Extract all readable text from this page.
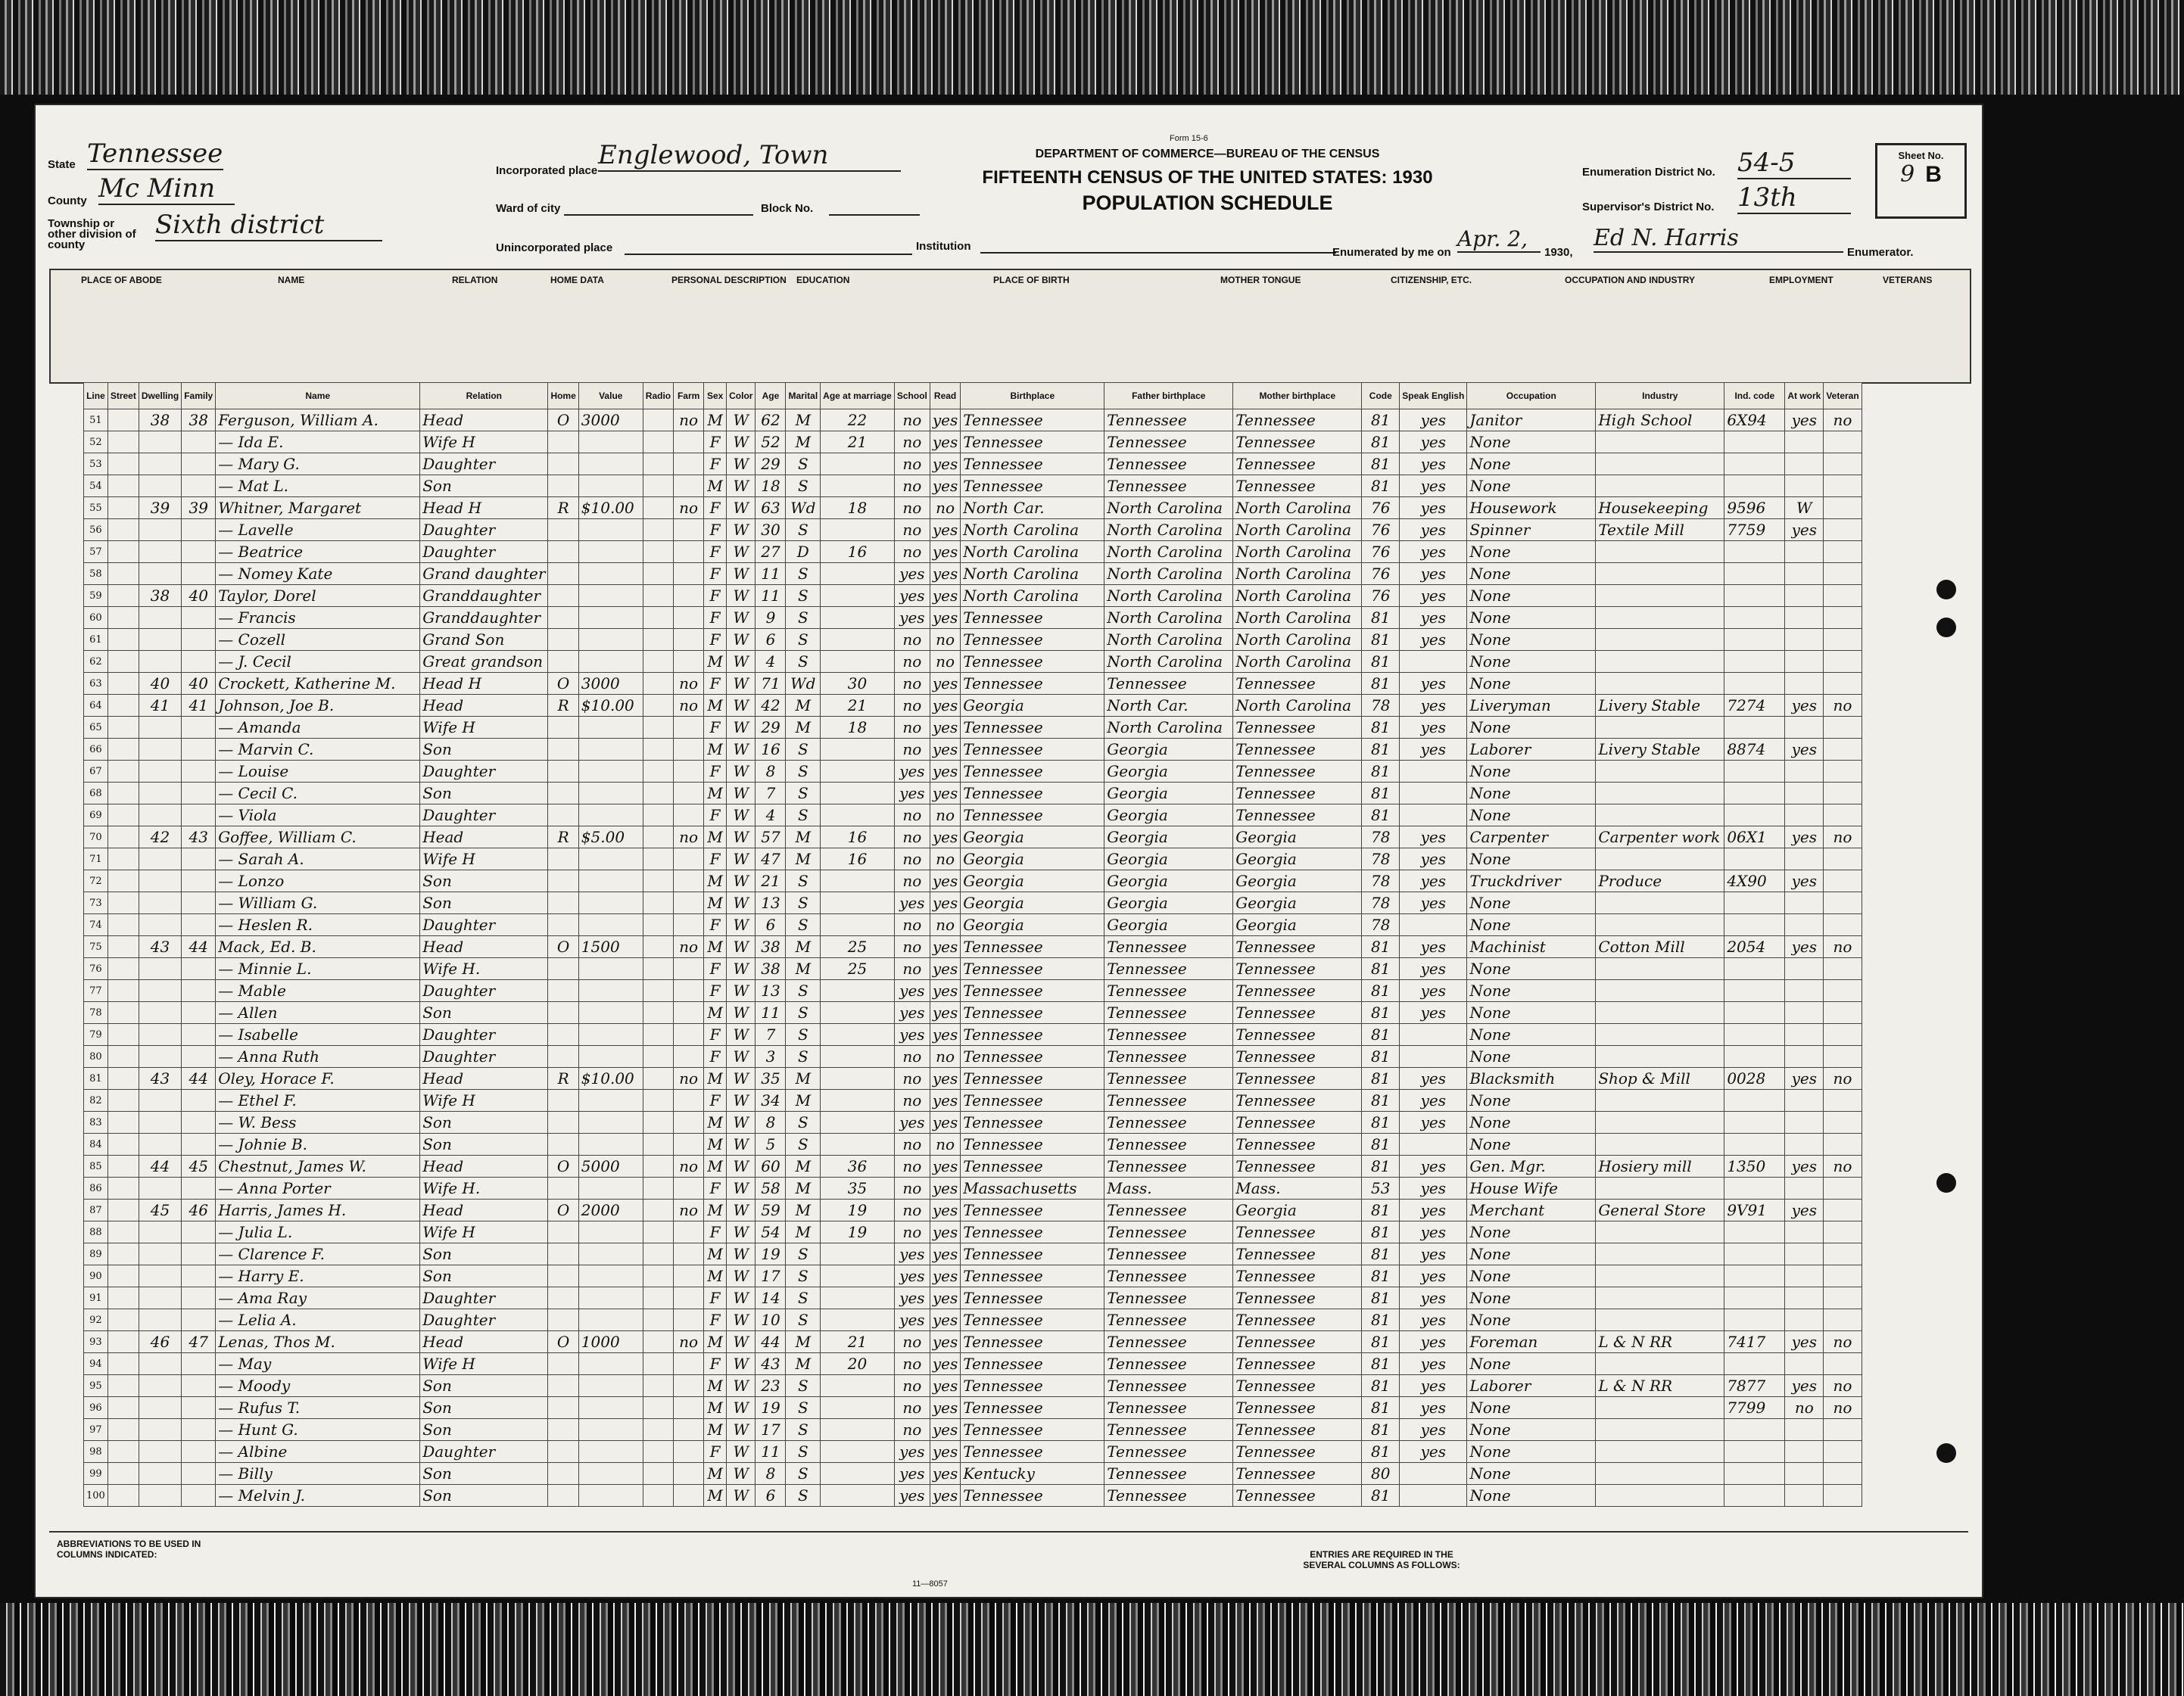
State Tennessee
County Mc Minn
Township or other division of county
Sixth district
Incorporated place
Englewood, Town
Ward of city	Block No.
Unincorporated place
Form 15-6
DEPARTMENT OF COMMERCE—BUREAU OF THE CENSUS
FIFTEENTH CENSUS OF THE UNITED STATES: 1930
POPULATION SCHEDULE
Institution
Enumeration District No. 54-5
Supervisor's District No. 13th
Sheet No.
9 B
Enumerated by me on
Apr. 2,
1930,
Ed N. Harris
Enumerator.
PLACE OF ABODE	NAME	RELATION	HOME DATA	PERSONAL DESCRIPTION EDUCATION	PLACE OF BIRTH	MOTHER TONGUE	CITIZENSHIP, ETC.	OCCUPATION AND INDUSTRY	EMPLOYMENT	VETERANS
Line	Street	Dwelling	Family	Name	Relation	Home	Value	Radio	Farm	Sex	Color	Age	Marital	Age at marriage	School	Read	Birthplace	Father birthplace	Mother birthplace	Code	Speak English	Occupation	Industry	Ind. code	At work	Veteran
51		38	38	Ferguson, William A.	Head	O	3000		no	M	W	62	M	22	no	yes	Tennessee	Tennessee	Tennessee	81	yes	Janitor	High School	6X94	yes	no
52				— Ida E.	Wife H					F	W	52	M	21	no	yes	Tennessee	Tennessee	Tennessee	81	yes	None				
53				— Mary G.	Daughter					F	W	29	S		no	yes	Tennessee	Tennessee	Tennessee	81	yes	None				
54				— Mat L.	Son					M	W	18	S		no	yes	Tennessee	Tennessee	Tennessee	81	yes	None				
55		39	39	Whitner, Margaret	Head H	R	$10.00		no	F	W	63	Wd	18	no	no	North Car.	North Carolina	North Carolina	76	yes	Housework	Housekeeping	9596	W	
56				— Lavelle	Daughter					F	W	30	S		no	yes	North Carolina	North Carolina	North Carolina	76	yes	Spinner	Textile Mill	7759	yes	
57				— Beatrice	Daughter					F	W	27	D	16	no	yes	North Carolina	North Carolina	North Carolina	76	yes	None				
58				— Nomey Kate	Grand daughter					F	W	11	S		yes	yes	North Carolina	North Carolina	North Carolina	76	yes	None				
59		38	40	Taylor, Dorel	Granddaughter					F	W	11	S		yes	yes	North Carolina	North Carolina	North Carolina	76	yes	None				
60				— Francis	Granddaughter					F	W	9	S		yes	yes	Tennessee	North Carolina	North Carolina	81	yes	None				
61				— Cozell	Grand Son					F	W	6	S		no	no	Tennessee	North Carolina	North Carolina	81	yes	None				
62				— J. Cecil	Great grandson					M	W	4	S		no	no	Tennessee	North Carolina	North Carolina	81		None				
63		40	40	Crockett, Katherine M.	Head H	O	3000		no	F	W	71	Wd	30	no	yes	Tennessee	Tennessee	Tennessee	81	yes	None				
64		41	41	Johnson, Joe B.	Head	R	$10.00		no	M	W	42	M	21	no	yes	Georgia	North Car.	North Carolina	78	yes	Liveryman	Livery Stable	7274	yes	no
65				— Amanda	Wife H					F	W	29	M	18	no	yes	Tennessee	North Carolina	Tennessee	81	yes	None				
66				— Marvin C.	Son					M	W	16	S		no	yes	Tennessee	Georgia	Tennessee	81	yes	Laborer	Livery Stable	8874	yes	
67				— Louise	Daughter					F	W	8	S		yes	yes	Tennessee	Georgia	Tennessee	81		None				
68				— Cecil C.	Son					M	W	7	S		yes	yes	Tennessee	Georgia	Tennessee	81		None				
69				— Viola	Daughter					F	W	4	S		no	no	Tennessee	Georgia	Tennessee	81		None				
70		42	43	Goffee, William C.	Head	R	$5.00		no	M	W	57	M	16	no	yes	Georgia	Georgia	Georgia	78	yes	Carpenter	Carpenter work	06X1	yes	no
71				— Sarah A.	Wife H					F	W	47	M	16	no	no	Georgia	Georgia	Georgia	78	yes	None				
72				— Lonzo	Son					M	W	21	S		no	yes	Georgia	Georgia	Georgia	78	yes	Truckdriver	Produce	4X90	yes	
73				— William G.	Son					M	W	13	S		yes	yes	Georgia	Georgia	Georgia	78	yes	None				
74				— Heslen R.	Daughter					F	W	6	S		no	no	Georgia	Georgia	Georgia	78		None				
75		43	44	Mack, Ed. B.	Head	O	1500		no	M	W	38	M	25	no	yes	Tennessee	Tennessee	Tennessee	81	yes	Machinist	Cotton Mill	2054	yes	no
76				— Minnie L.	Wife H.					F	W	38	M	25	no	yes	Tennessee	Tennessee	Tennessee	81	yes	None				
77				— Mable	Daughter					F	W	13	S		yes	yes	Tennessee	Tennessee	Tennessee	81	yes	None				
78				— Allen	Son					M	W	11	S		yes	yes	Tennessee	Tennessee	Tennessee	81	yes	None				
79				— Isabelle	Daughter					F	W	7	S		yes	yes	Tennessee	Tennessee	Tennessee	81		None				
80				— Anna Ruth	Daughter					F	W	3	S		no	no	Tennessee	Tennessee	Tennessee	81		None				
81		43	44	Oley, Horace F.	Head	R	$10.00		no	M	W	35	M		no	yes	Tennessee	Tennessee	Tennessee	81	yes	Blacksmith	Shop & Mill	0028	yes	no
82				— Ethel F.	Wife H					F	W	34	M		no	yes	Tennessee	Tennessee	Tennessee	81	yes	None				
83				— W. Bess	Son					M	W	8	S		yes	yes	Tennessee	Tennessee	Tennessee	81	yes	None				
84				— Johnie B.	Son					M	W	5	S		no	no	Tennessee	Tennessee	Tennessee	81		None				
85		44	45	Chestnut, James W.	Head	O	5000		no	M	W	60	M	36	no	yes	Tennessee	Tennessee	Tennessee	81	yes	Gen. Mgr.	Hosiery mill	1350	yes	no
86				— Anna Porter	Wife H.					F	W	58	M	35	no	yes	Massachusetts	Mass.	Mass.	53	yes	House Wife				
87		45	46	Harris, James H.	Head	O	2000		no	M	W	59	M	19	no	yes	Tennessee	Tennessee	Georgia	81	yes	Merchant	General Store	9V91	yes	
88				— Julia L.	Wife H					F	W	54	M	19	no	yes	Tennessee	Tennessee	Tennessee	81	yes	None				
89				— Clarence F.	Son					M	W	19	S		yes	yes	Tennessee	Tennessee	Tennessee	81	yes	None				
90				— Harry E.	Son					M	W	17	S		yes	yes	Tennessee	Tennessee	Tennessee	81	yes	None				
91				— Ama Ray	Daughter					F	W	14	S		yes	yes	Tennessee	Tennessee	Tennessee	81	yes	None				
92				— Lelia A.	Daughter					F	W	10	S		yes	yes	Tennessee	Tennessee	Tennessee	81	yes	None				
93		46	47	Lenas, Thos M.	Head	O	1000		no	M	W	44	M	21	no	yes	Tennessee	Tennessee	Tennessee	81	yes	Foreman	L & N RR	7417	yes	no
94				— May	Wife H					F	W	43	M	20	no	yes	Tennessee	Tennessee	Tennessee	81	yes	None				
95				— Moody	Son					M	W	23	S		no	yes	Tennessee	Tennessee	Tennessee	81	yes	Laborer	L & N RR	7877	yes	no
96				— Rufus T.	Son					M	W	19	S		no	yes	Tennessee	Tennessee	Tennessee	81	yes	None		7799	no	no
97				— Hunt G.	Son					M	W	17	S		no	yes	Tennessee	Tennessee	Tennessee	81	yes	None				
98				— Albine	Daughter					F	W	11	S		yes	yes	Tennessee	Tennessee	Tennessee	81	yes	None				
99				— Billy	Son					M	W	8	S		yes	yes	Kentucky	Tennessee	Tennessee	80		None				
100				— Melvin J.	Son					M	W	6	S		yes	yes	Tennessee	Tennessee	Tennessee	81		None				
ABBREVIATIONS TO BE USED IN COLUMNS INDICATED:	ENTRIES ARE REQUIRED IN THE SEVERAL COLUMNS AS FOLLOWS:
11—8057
